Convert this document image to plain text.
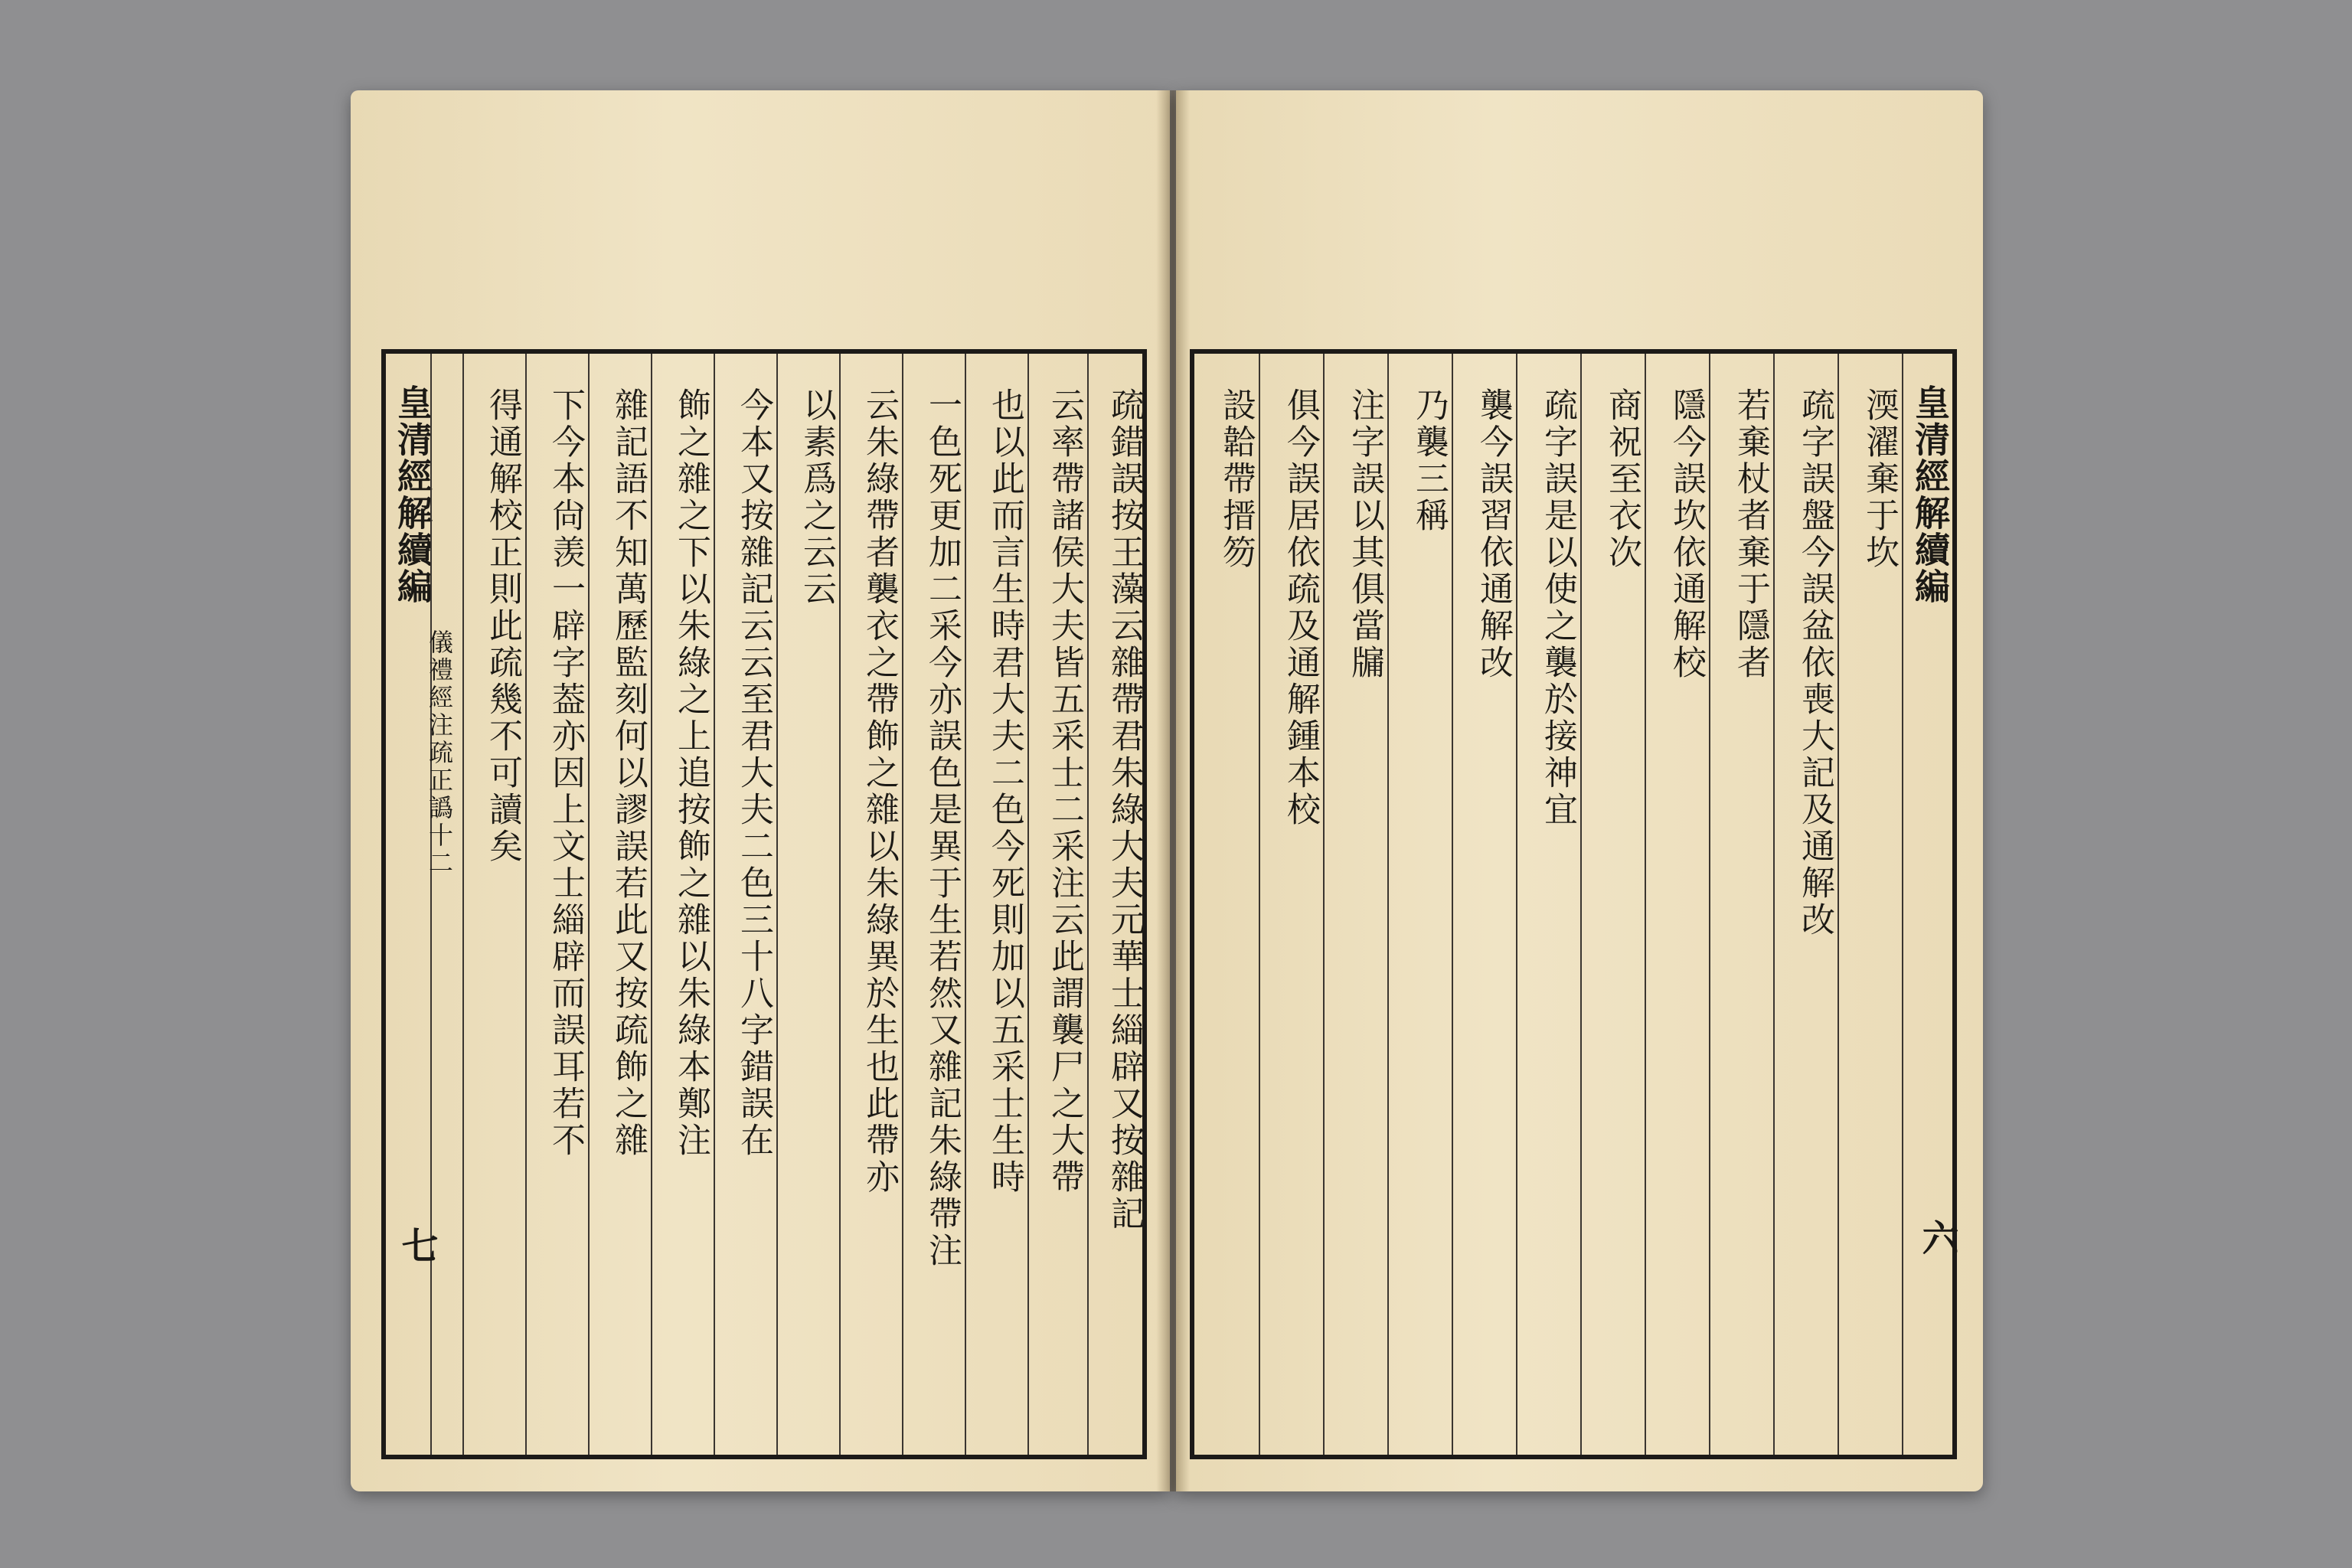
皇清經解續編
儀禮經注疏正譌十二 得通解校正則此疏幾不可讀矣 下今本尙羡一辟字葢亦因上文士緇辟而誤耳若不 雜記語不知萬歷監刻何以謬誤若此又按疏飾之雜 飾之雜之下以朱綠之上追按飾之雜以朱綠本鄭注 今本又按雜記云云至君大夫二色三十八字錯誤在 以素爲之云云 云朱綠帶者襲衣之帶飾之雜以朱綠異於生也此帶亦 一色死更加二采今亦誤色是異于生若然又雜記朱綠帶注 也以此而言生時君大夫二色今死則加以五采士生時 云率帶諸侯大夫皆五采士二采注云此謂襲尸之大帶 疏錯誤按王藻云雜帶君朱綠大夫元華士緇辟又按雜記
七
設韐帶搢笏 俱今誤居依疏及通解鍾本校 注字誤以其俱當牖 乃襲三稱 襲今誤習依通解改 疏字誤是以使之襲於接神宜 商祝至衣次 隱今誤坎依通解校 若棄杖者棄于隱者 疏字誤盤今誤盆依喪大記及通解改 渜濯棄于坎 皇清經解續編
六
